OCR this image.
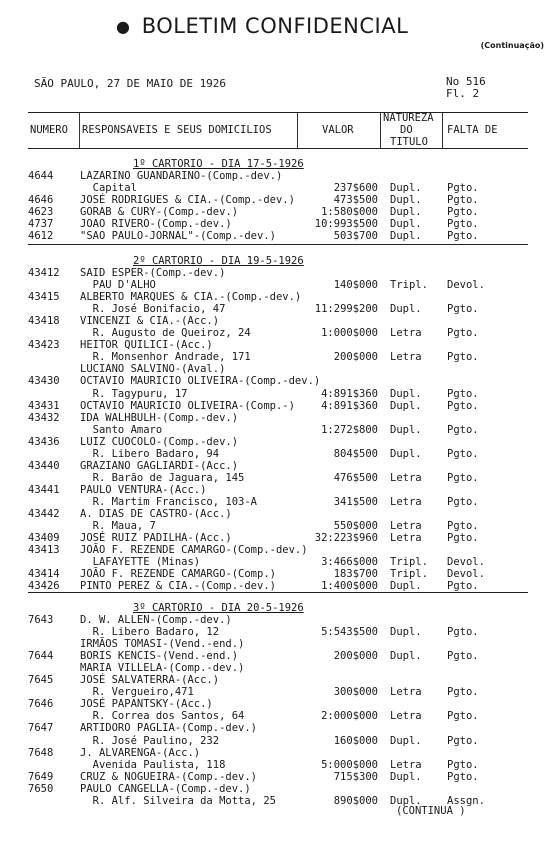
● BOLETIM CONFIDENCIAL
(Continuação)
SÃO PAULO, 27 DE MAIO DE 1926	No 516
Fl. 2
NUMERO RESPONSAVEIS E SEUS DOMICILIOS	VALOR
NATUREZA
DO
TITULO
FALTA DE
1º CARTORIO - DIA 17-5-1926
4644	LAZARINO GUANDARINO-(Comp.-dev.)
Capital	237$600 Dupl. Pgto.
4646	JOSÉ RODRIGUES & CIA.-(Comp.-dev.)	473$500 Dupl. Pgto.
4623	GORAB & CURY-(Comp.-dev.)	1:580$000 Dupl. Pgto.
4737	JOAO RIVERO-(Comp.-dev.)	10:993$500 Dupl. Pgto.
4612	"SAO PAULO-JORNAL"-(Comp.-dev.)	503$700 Dupl. Pgto.
2º CARTORIO - DIA 19-5-1926
43412 SAID ESPER-(Comp.-dev.)
PAU D'ALHO	140$000 Tripl. Devol.
43415 ALBERTO MARQUES & CIA.-(Comp.-dev.)
R. José Bonifacio, 47	11:299$200 Dupl. Pgto.
43418 VINCENZI & CIA.-(Acc.)
R. Augusto de Queiroz, 24	1:000$000 Letra Pgto.
43423 HEITOR QUILICI-(Acc.)
R. Monsenhor Andrade, 171	200$000 Letra Pgto.
LUCIANO SALVINO-(Aval.)
43430 OCTAVIO MAURICIO OLIVEIRA-(Comp.-dev.)
R. Tagypuru, 17	4:891$360 Dupl. Pgto.
43431 OCTAVIO MAURICIO OLIVEIRA-(Comp.-) 4:891$360 Dupl. Pgto.
43432 IDA WALHBULH-(Comp.-dev.)
Santo Amaro	1:272$800 Dupl. Pgto.
43436 LUIZ CUOCOLO-(Comp.-dev.)
R. Libero Badaro, 94	804$500 Dupl. Pgto.
43440 GRAZIANO GAGLIARDI-(Acc.)
R. Barão de Jaguara, 145	476$500 Letra Pgto.
43441 PAULO VENTURA-(Acc.)
R. Martim Francisco, 103-A	341$500 Letra Pgto.
43442 A. DIAS DE CASTRO-(Acc.)
R. Maua, 7	550$000 Letra Pgto.
43409 JOSÉ RUIZ PADILHA-(Acc.)	32:223$960 Letra Pgto.
43413 JOÃO F. REZENDE CAMARGO-(Comp.-dev.)
LAFAYETTE (Minas)	3:466$000 Tripl. Devol.
43414 JOÃO F. REZENDE CAMARGO-(Comp.)	183$700 Tripl. Devol.
43426 PINTO PEREZ & CIA.-(Comp.-dev.)	1:400$000 Dupl. Pgto.
3º CARTORIO - DIA 20-5-1926
7643	D. W. ALLEN-(Comp.-dev.)
R. Libero Badaro, 12	5:543$500 Dupl. Pgto.
IRMÃOS TOMASI-(Vend.-end.)
7644	BORIS KENCIS-(Vend.-end.)	200$000 Dupl. Pgto.
MARIA VILLELA-(Comp.-dev.)
7645	JOSÉ SALVATERRA-(Acc.)
R. Vergueiro,471	300$000 Letra Pgto.
7646	JOSÉ PAPANTSKY-(Acc.)
R. Correa dos Santos, 64	2:000$000 Letra Pgto.
7647	ARTIDORO PAGLIA-(Comp.-dev.)
R. José Paulino, 232	160$000 Dupl. Pgto.
7648	J. ALVARENGA-(Acc.)
Avenida Paulista, 118	5:000$000 Letra Pgto.
7649	CRUZ & NOGUEIRA-(Comp.-dev.)	715$300 Dupl. Pgto.
7650	PAULO CANGELLA-(Comp.-dev.)
R. Alf. Silveira da Motta, 25	890$000 Dupl. Assgn.
(CONTINUA )
